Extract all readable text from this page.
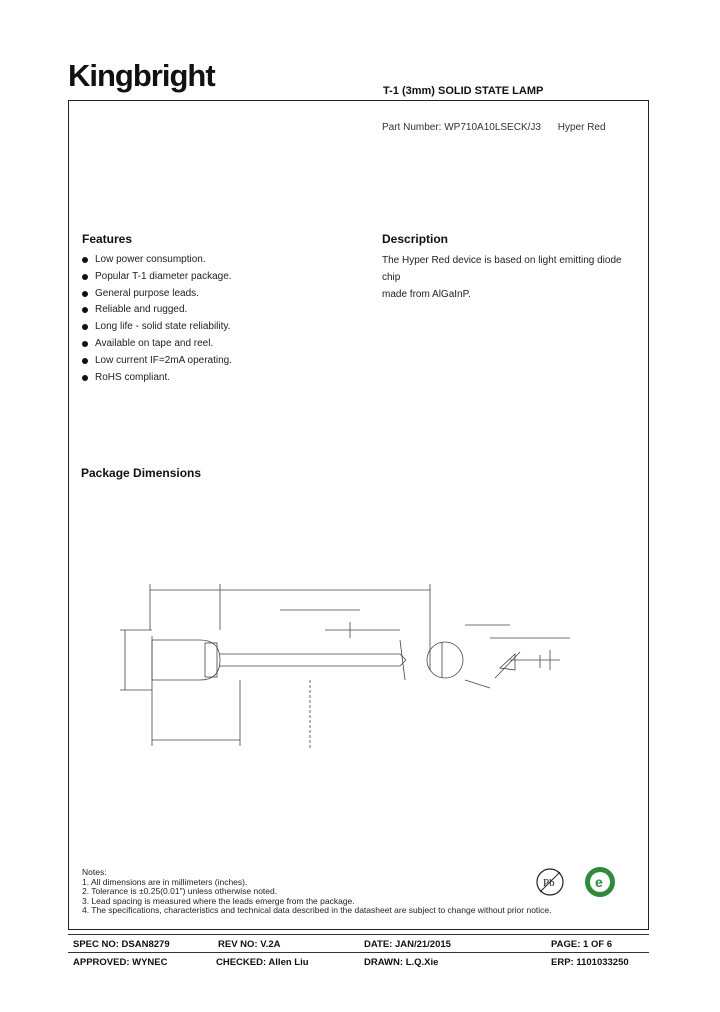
Kingbright	T-1 (3mm) SOLID STATE LAMP
Part Number: WP710A10LSECK/J3 Hyper Red
Features
Low power consumption.
Popular T-1 diameter package.
General purpose leads.
Reliable and rugged.
Long life - solid state reliability.
Available on tape and reel.
Low current IF=2mA operating.
RoHS compliant.
Description
The Hyper Red device is based on light emitting diode chip
made from AlGaInP.
Package Dimensions
Notes:
1. All dimensions are in millimeters (inches).
2. Tolerance is ±0.25(0.01") unless otherwise noted.
3. Lead spacing is measured where the leads emerge from the package.
4. The specifications, characteristics and technical data described in the datasheet are subject to change without prior notice.
Pb	e
SPEC NO: DSAN8279	REV NO: V.2A	DATE: JAN/21/2015	PAGE: 1 OF 6
APPROVED: WYNEC	CHECKED: Allen Liu	DRAWN: L.Q.Xie	ERP: 1101033250
